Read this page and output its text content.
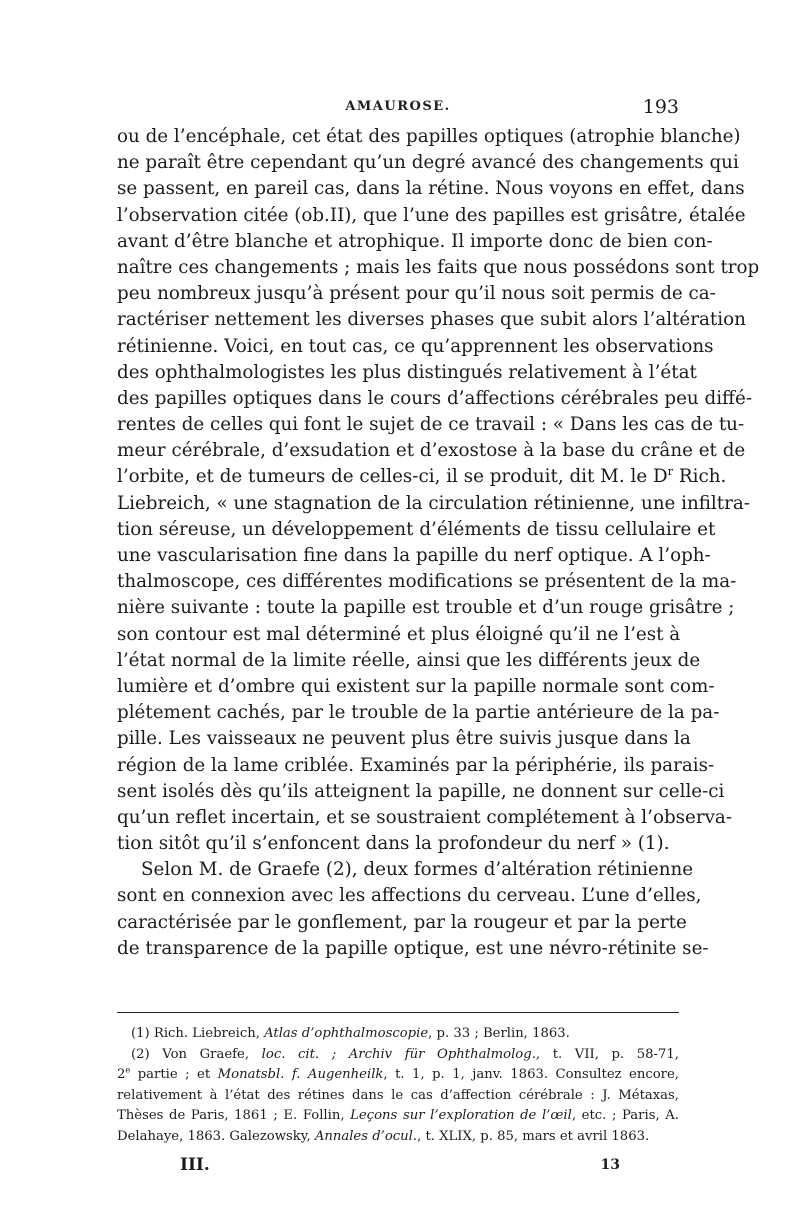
AMAUROSE.	193
ou de l’encéphale, cet état des papilles optiques (atrophie blanche)
ne paraît être cependant qu’un degré avancé des changements qui
se passent, en pareil cas, dans la rétine. Nous voyons en effet, dans
l’observation citée (ob.II), que l’une des papilles est grisâtre, étalée
avant d’être blanche et atrophique. Il importe donc de bien con-
naître ces changements ; mais les faits que nous possédons sont trop
peu nombreux jusqu’à présent pour qu’il nous soit permis de ca-
ractériser nettement les diverses phases que subit alors l’altération
rétinienne. Voici, en tout cas, ce qu’apprennent les observations
des ophthalmologistes les plus distingués relativement à l’état
des papilles optiques dans le cours d’affections cérébrales peu diffé-
rentes de celles qui font le sujet de ce travail : « Dans les cas de tu-
meur cérébrale, d’exsudation et d’exostose à la base du crâne et de
l’orbite, et de tumeurs de celles-ci, il se produit, dit M. le $D^r$ Rich.
Liebreich, « une stagnation de la circulation rétinienne, une infiltra-
tion séreuse, un développement d’éléments de tissu cellulaire et
une vascularisation fine dans la papille du nerf optique. A l’oph-
thalmoscope, ces différentes modifications se présentent de la ma-
nière suivante : toute la papille est trouble et d’un rouge grisâtre ;
son contour est mal déterminé et plus éloigné qu’il ne l’est à
l’état normal de la limite réelle, ainsi que les différents jeux de
lumière et d’ombre qui existent sur la papille normale sont com-
plétement cachés, par le trouble de la partie antérieure de la pa-
pille. Les vaisseaux ne peuvent plus être suivis jusque dans la
région de la lame criblée. Examinés par la périphérie, ils parais-
sent isolés dès qu’ils atteignent la papille, ne donnent sur celle-ci
qu’un reflet incertain, et se soustraient complétement à l’observa-
tion sitôt qu’il s’enfoncent dans la profondeur du nerf » (1).
Selon M. de Graefe (2), deux formes d’altération rétinienne
sont en connexion avec les affections du cerveau. L’une d’elles,
caractérisée par le gonflement, par la rougeur et par la perte
de transparence de la papille optique, est une névro-rétinite se-
(1) Rich. Liebreich, Atlas d’ophthalmoscopie, p. 33 ; Berlin, 1863.
(2) Von Graefe, loc. cit. ; Archiv für Ophthalmolog., t. VII, p. 58-71,
2e partie ; et Monatsbl. f. Augenheilk, t. 1, p. 1, janv. 1863. Consultez encore,
relativement à l’état des rétines dans le cas d’affection cérébrale : J. Métaxas,
Thèses de Paris, 1861 ; E. Follin, Leçons sur l’exploration de l’œil, etc. ; Paris, A.
Delahaye, 1863. Galezowsky, Annales d’ocul., t. XLIX, p. 85, mars et avril 1863.
III.	13
